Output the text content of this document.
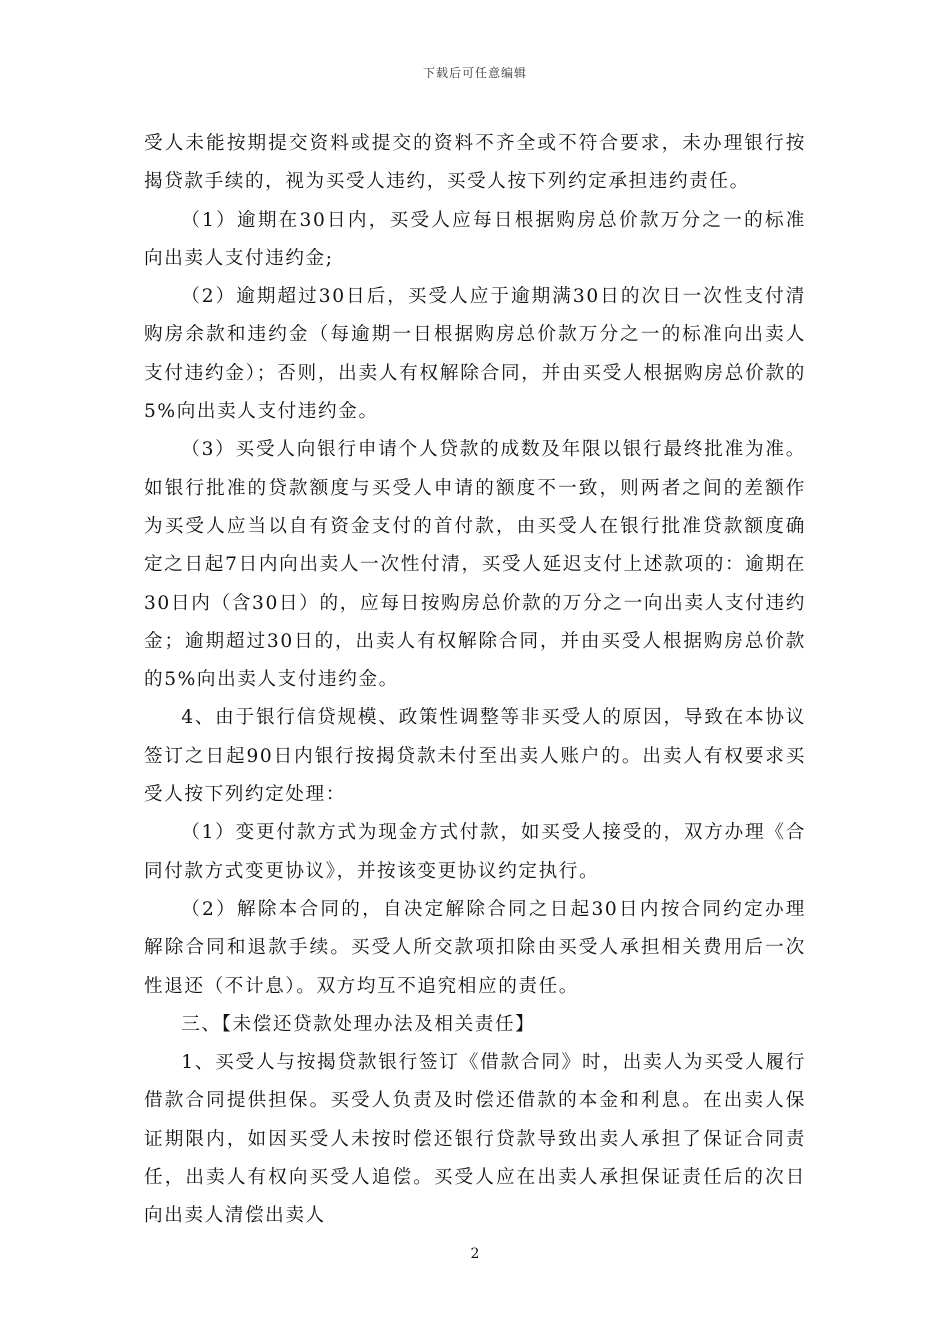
下载后可任意编辑

受人未能按期提交资料或提交的资料不齐全或不符合要求，未办理银行按揭贷款手续的，视为买受人违约，买受人按下列约定承担违约责任。

（1）逾期在30日内，买受人应每日根据购房总价款万分之一的标准向出卖人支付违约金;

（2）逾期超过30日后，买受人应于逾期满30日的次日一次性支付清购房余款和违约金（每逾期一日根据购房总价款万分之一的标准向出卖人支付违约金）；否则，出卖人有权解除合同，并由买受人根据购房总价款的5%向出卖人支付违约金。

（3）买受人向银行申请个人贷款的成数及年限以银行最终批准为准。如银行批准的贷款额度与买受人申请的额度不一致，则两者之间的差额作为买受人应当以自有资金支付的首付款，由买受人在银行批准贷款额度确定之日起7日内向出卖人一次性付清，买受人延迟支付上述款项的：逾期在30日内（含30日）的，应每日按购房总价款的万分之一向出卖人支付违约金；逾期超过30日的，出卖人有权解除合同，并由买受人根据购房总价款的5%向出卖人支付违约金。

4、由于银行信贷规模、政策性调整等非买受人的原因，导致在本协议签订之日起90日内银行按揭贷款未付至出卖人账户的。出卖人有权要求买受人按下列约定处理：

（1）变更付款方式为现金方式付款，如买受人接受的，双方办理《合同付款方式变更协议》，并按该变更协议约定执行。

（2）解除本合同的，自决定解除合同之日起30日内按合同约定办理解除合同和退款手续。买受人所交款项扣除由买受人承担相关费用后一次性退还（不计息）。双方均互不追究相应的责任。

三、【未偿还贷款处理办法及相关责任】

1、买受人与按揭贷款银行签订《借款合同》时，出卖人为买受人履行借款合同提供担保。买受人负责及时偿还借款的本金和利息。在出卖人保证期限内，如因买受人未按时偿还银行贷款导致出卖人承担了保证合同责任，出卖人有权向买受人追偿。买受人应在出卖人承担保证责任后的次日向出卖人清偿出卖人

2
